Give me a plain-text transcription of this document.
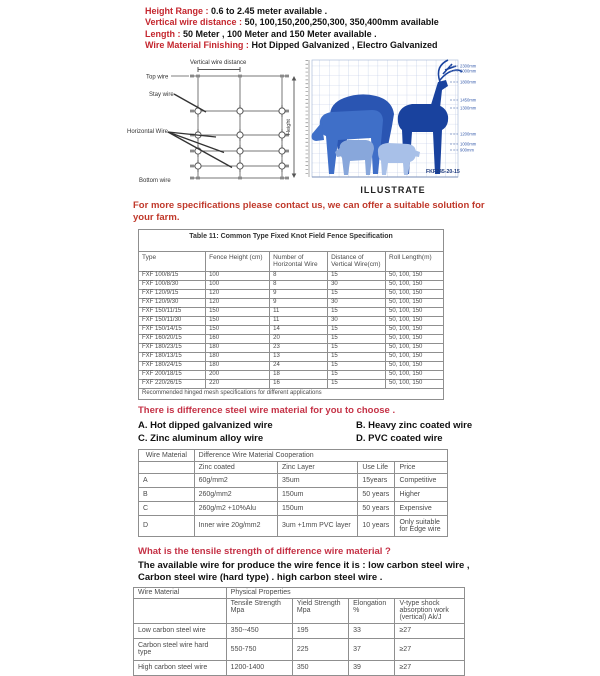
Height Range : 0.6 to 2.45 meter available .
Vertical wire distance : 50, 100,150,200,250,300, 350,400mm available
Length : 50 Meter , 100 Meter and 150 Meter available .
Wire Material Finishing : Hot Dipped Galvanized , Electro Galvanized
Vertical wire distance
Top wire
Stay wire
Horizontal Wire
Bottom wire
Height
2300mm
2000mm
1800mm
1450mm
1300mm
1200mm
1000mm
900mm
FKF245-20-15
ILLUSTRATE
For more specifications please contact us, we can offer a suitable solution for your farm.
Table 11: Common Type Fixed Knot Field Fence Specification				
Type	Fence Height (cm)	Number of Horizontal Wire	Distance of Vertical Wire(cm)	Roll Length(m)
FXF 100/8/15	100	8	15	50, 100, 150
FXF 100/8/30	100	8	30	50, 100, 150
FXF 120/9/15	120	9	15	50, 100, 150
FXF 120/9/30	120	9	30	50, 100, 150
FXF 150/11/15	150	11	15	50, 100, 150
FXF 150/11/30	150	11	30	50, 100, 150
FXF 150/14/15	150	14	15	50, 100, 150
FXF 160/20/15	160	20	15	50, 100, 150
FXF 180/23/15	180	23	15	50, 100, 150
FXF 180/13/15	180	13	15	50, 100, 150
FXF 180/24/15	180	24	15	50, 100, 150
FXF 200/18/15	200	18	15	50, 100, 150
FXF 220/26/15	220	16	15	50, 100, 150
Recommended hinged mesh specifications for different applications				
There is difference steel wire material for you to choose .
A. Hot dipped galvanized wire	B. Heavy zinc coated wire
C. Zinc aluminum alloy wire	D. PVC coated wire
Wire Material	Difference Wire Material Cooperation			
	Zinc coated	Zinc Layer	Use Life	Price
A	60g/mm2	35um	15years	Competitive
B	260g/mm2	150um	50 years	Higher
C	260g/m2 +10%Alu	150um	50 years	Expensive
D	Inner wire 20g/mm2	3um +1mm PVC layer	10 years	Only suitable for Edge wire
What is the tensile strength of difference wire material ?
The available wire for produce the wire fence it is : low carbon steel wire , Carbon steel wire (hard type) . high carbon steel wire .
Wire Material	Physical Properties			
	Tensile Strength Mpa	Yield Strength Mpa	Elongation %	V-type shock absorption work (vertical) Ak/J
Low carbon steel wire	350--450	195	33	≥27
Carbon steel wire hard type	550-750	225	37	≥27
High carbon steel wire	1200-1400	350	39	≥27
